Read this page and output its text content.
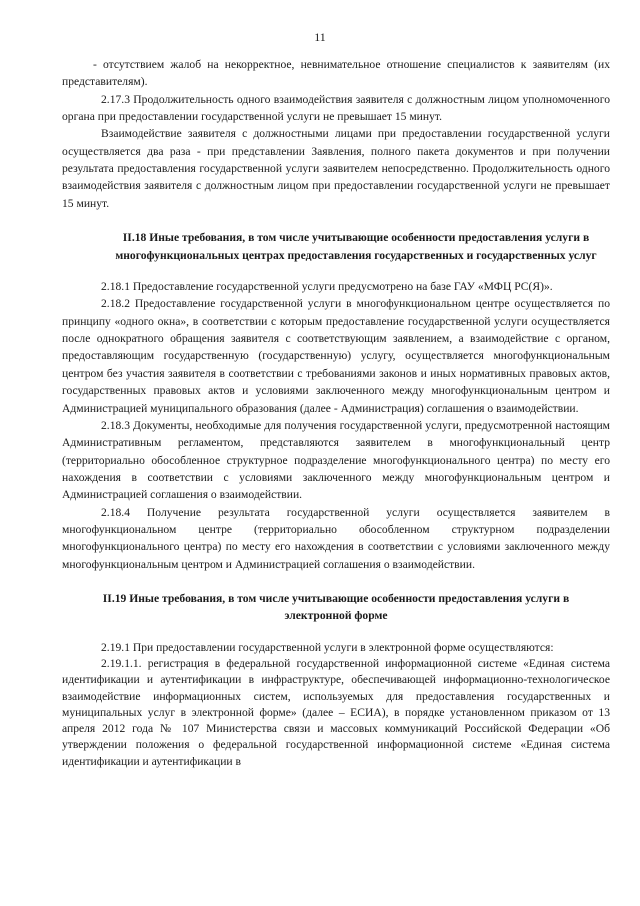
11

- отсутствием жалоб на некорректное, невнимательное отношение специалистов к заявителям (их представителям).

2.17.3 Продолжительность одного взаимодействия заявителя с должностным лицом уполномоченного органа при предоставлении государственной услуги не превышает 15 минут.

Взаимодействие заявителя с должностными лицами при предоставлении государственной услуги осуществляется два раза - при представлении Заявления, полного пакета документов и при получении результата предоставления государственной услуги заявителем непосредственно. Продолжительность одного взаимодействия заявителя с должностным лицом при предоставлении государственной услуги не превышает 15 минут.

II.18 Иные требования, в том числе учитывающие особенности предоставления услуги в многофункциональных центрах предоставления государственных и государственных услуг

2.18.1 Предоставление государственной услуги предусмотрено на базе ГАУ «МФЦ РС(Я)».

2.18.2 Предоставление государственной услуги в многофункциональном центре осуществляется по принципу «одного окна», в соответствии с которым предоставление государственной услуги осуществляется после однократного обращения заявителя с соответствующим заявлением, а взаимодействие с органом, предоставляющим государственную (государственную) услугу, осуществляется многофункциональным центром без участия заявителя в соответствии с требованиями законов и иных нормативных правовых актов, государственных правовых актов и условиями заключенного между многофункциональным центром и Администрацией муниципального образования (далее - Администрация) соглашения о взаимодействии.

2.18.3 Документы, необходимые для получения государственной услуги, предусмотренной настоящим Административным регламентом, представляются заявителем в многофункциональный центр (территориально обособленное структурное подразделение многофункционального центра) по месту его нахождения в соответствии с условиями заключенного между многофункциональным центром и Администрацией соглашения о взаимодействии.

2.18.4 Получение результата государственной услуги осуществляется заявителем в многофункциональном центре (территориально обособленном структурном подразделении многофункционального центра) по месту его нахождения в соответствии с условиями заключенного между многофункциональным центром и Администрацией соглашения о взаимодействии.

II.19 Иные требования, в том числе учитывающие особенности предоставления услуги в электронной форме

2.19.1 При предоставлении государственной услуги в электронной форме осуществляются:

2.19.1.1. регистрация в федеральной государственной информационной системе «Единая система идентификации и аутентификации в инфраструктуре, обеспечивающей информационно-технологическое взаимодействие информационных систем, используемых для предоставления государственных и муниципальных услуг в электронной форме» (далее – ЕСИА), в порядке установленном приказом от 13 апреля 2012 года № 107 Министерства связи и массовых коммуникаций Российской Федерации «Об утверждении положения о федеральной государственной информационной системе «Единая система идентификации и аутентификации в
